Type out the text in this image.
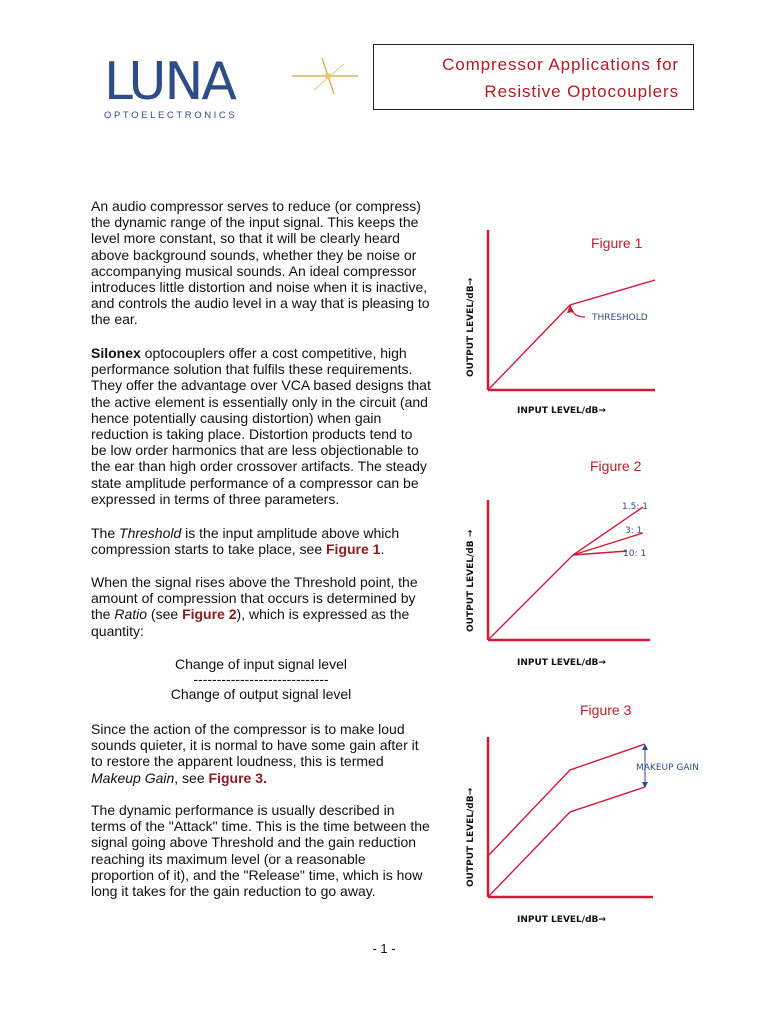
LUNA
OPTOELECTRONICS
Compressor Applications for
Resistive Optocouplers

An audio compressor serves to reduce (or compress) the dynamic range of the input signal. This keeps the level more constant, so that it will be clearly heard above background sounds, whether they be noise or accompanying musical sounds. An ideal compressor introduces little distortion and noise when it is inactive, and controls the audio level in a way that is pleasing to the ear.

Silonex optocouplers offer a cost competitive, high performance solution that fulfils these requirements. They offer the advantage over VCA based designs that the active element is essentially only in the circuit (and hence potentially causing distortion) when gain reduction is taking place. Distortion products tend to be low order harmonics that are less objectionable to the ear than high order crossover artifacts. The steady state amplitude performance of a compressor can be expressed in terms of three parameters.

The Threshold is the input amplitude above which compression starts to take place, see Figure 1.

When the signal rises above the Threshold point, the amount of compression that occurs is determined by the Ratio (see Figure 2), which is expressed as the quantity:

Change of input signal level
-----------------------------
Change of output signal level

Since the action of the compressor is to make loud sounds quieter, it is normal to have some gain after it to restore the apparent loudness, this is termed Makeup Gain, see Figure 3.

The dynamic performance is usually described in terms of the "Attack" time. This is the time between the signal going above Threshold and the gain reduction reaching its maximum level (or a reasonable proportion of it), and the "Release" time, which is how long it takes for the gain reduction to go away.

Figure 1
THRESHOLD
INPUT LEVEL/dB→
OUTPUT LEVEL/dB→
Figure 2
1.5: 1
3: 1
10: 1
INPUT LEVEL/dB→
OUTPUT LEVEL/dB →
Figure 3
MAKEUP GAIN
INPUT LEVEL/dB→
OUTPUT LEVEL/dB→
- 1 -
